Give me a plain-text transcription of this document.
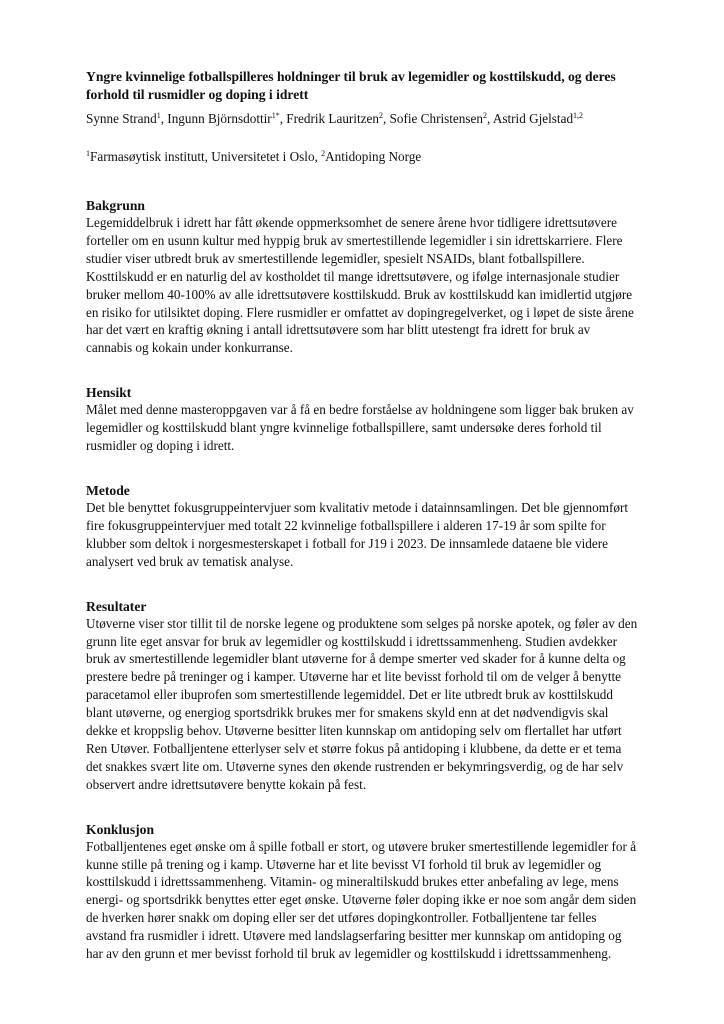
Yngre kvinnelige fotballspilleres holdninger til bruk av legemidler og kosttilskudd, og deres forhold til rusmidler og doping i idrett

Synne Strand$^1$, Ingunn Björnsdottir$^{1*}$, Fredrik Lauritzen$^2$, Sofie Christensen$^2$, Astrid Gjelstad$^{1,2}$

$^1$Farmasøytisk institutt, Universitetet i Oslo, $^2$Antidoping Norge

Bakgrunn

Legemiddelbruk i idrett har fått økende oppmerksomhet de senere årene hvor tidligere idrettsutøvere forteller om en usunn kultur med hyppig bruk av smertestillende legemidler i sin idrettskarriere. Flere studier viser utbredt bruk av smertestillende legemidler, spesielt NSAIDs, blant fotballspillere. Kosttilskudd er en naturlig del av kostholdet til mange idrettsutøvere, og ifølge internasjonale studier bruker mellom 40-100% av alle idrettsutøvere kosttilskudd. Bruk av kosttilskudd kan imidlertid utgjøre en risiko for utilsiktet doping. Flere rusmidler er omfattet av dopingregelverket, og i løpet de siste årene har det vært en kraftig økning i antall idrettsutøvere som har blitt utestengt fra idrett for bruk av cannabis og kokain under konkurranse.

Hensikt

Målet med denne masteroppgaven var å få en bedre forståelse av holdningene som ligger bak bruken av legemidler og kosttilskudd blant yngre kvinnelige fotballspillere, samt undersøke deres forhold til rusmidler og doping i idrett.

Metode

Det ble benyttet fokusgruppeintervjuer som kvalitativ metode i datainnsamlingen. Det ble gjennomført fire fokusgruppeintervjuer med totalt 22 kvinnelige fotballspillere i alderen 17-19 år som spilte for klubber som deltok i norgesmesterskapet i fotball for J19 i 2023. De innsamlede dataene ble videre analysert ved bruk av tematisk analyse.

Resultater

Utøverne viser stor tillit til de norske legene og produktene som selges på norske apotek, og føler av den grunn lite eget ansvar for bruk av legemidler og kosttilskudd i idrettssammenheng. Studien avdekker bruk av smertestillende legemidler blant utøverne for å dempe smerter ved skader for å kunne delta og prestere bedre på treninger og i kamper. Utøverne har et lite bevisst forhold til om de velger å benytte paracetamol eller ibuprofen som smertestillende legemiddel. Det er lite utbredt bruk av kosttilskudd blant utøverne, og energiog sportsdrikk brukes mer for smakens skyld enn at det nødvendigvis skal dekke et kroppslig behov. Utøverne besitter liten kunnskap om antidoping selv om flertallet har utført Ren Utøver. Fotballjentene etterlyser selv et større fokus på antidoping i klubbene, da dette er et tema det snakkes svært lite om. Utøverne synes den økende rustrenden er bekymringsverdig, og de har selv observert andre idrettsutøvere benytte kokain på fest.

Konklusjon

Fotballjentenes eget ønske om å spille fotball er stort, og utøvere bruker smertestillende legemidler for å kunne stille på trening og i kamp. Utøverne har et lite bevisst VI forhold til bruk av legemidler og kosttilskudd i idrettssammenheng. Vitamin- og mineraltilskudd brukes etter anbefaling av lege, mens energi- og sportsdrikk benyttes etter eget ønske. Utøverne føler doping ikke er noe som angår dem siden de hverken hører snakk om doping eller ser det utføres dopingkontroller. Fotballjentene tar felles avstand fra rusmidler i idrett. Utøvere med landslagserfaring besitter mer kunnskap om antidoping og har av den grunn et mer bevisst forhold til bruk av legemidler og kosttilskudd i idrettssammenheng.
